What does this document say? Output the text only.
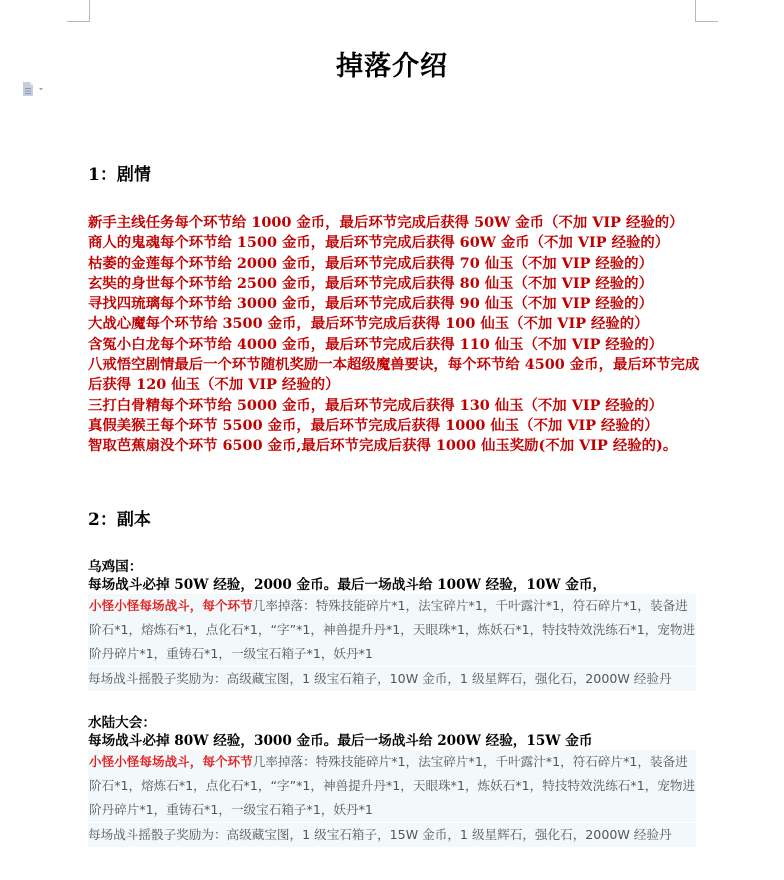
掉落介绍
1：剧情
新手主线任务每个环节给 1000 金币，最后环节完成后获得 50W 金币（不加 VIP 经验的）
商人的鬼魂每个环节给 1500 金币，最后环节完成后获得 60W 金币（不加 VIP 经验的）
枯萎的金莲每个环节给 2000 金币，最后环节完成后获得 70 仙玉（不加 VIP 经验的）
玄奘的身世每个环节给 2500 金币，最后环节完成后获得 80 仙玉（不加 VIP 经验的）
寻找四琉璃每个环节给 3000 金币，最后环节完成后获得 90 仙玉（不加 VIP 经验的）
大战心魔每个环节给 3500 金币，最后环节完成后获得 100 仙玉（不加 VIP 经验的）
含冤小白龙每个环节给 4000 金币，最后环节完成后获得 110 仙玉（不加 VIP 经验的）
八戒悟空剧情最后一个环节随机奖励一本超级魔兽要诀，每个环节给 4500 金币，最后环节完成后获得 120 仙玉（不加 VIP 经验的）
三打白骨精每个环节给 5000 金币，最后环节完成后获得 130 仙玉（不加 VIP 经验的）
真假美猴王每个环节 5500 金币，最后环节完成后获得 1000 仙玉（不加 VIP 经验的）
智取芭蕉扇没个环节 6500 金币,最后环节完成后获得 1000 仙玉奖励(不加 VIP 经验的)。
2：副本
乌鸡国：
每场战斗必掉 50W 经验，2000 金币。最后一场战斗给 100W 经验，10W 金币，
小怪小怪每场战斗，每个环节几率掉落：特殊技能碎片*1，法宝碎片*1，千叶露汁*1，符石碎片*1，装备进阶石*1，熔炼石*1，点化石*1，“字”*1，神兽提升丹*1，天眼珠*1，炼妖石*1，特技特效洗练石*1，宠物进阶丹碎片*1，重铸石*1，一级宝石箱子*1，妖丹*1
每场战斗摇骰子奖励为：高级藏宝图，1 级宝石箱子，10W 金币，1 级星辉石，强化石，2000W 经验丹
水陆大会：
每场战斗必掉 80W 经验，3000 金币。最后一场战斗给 200W 经验，15W 金币
小怪小怪每场战斗，每个环节几率掉落：特殊技能碎片*1，法宝碎片*1，千叶露汁*1，符石碎片*1，装备进阶石*1，熔炼石*1，点化石*1，“字”*1，神兽提升丹*1，天眼珠*1，炼妖石*1，特技特效洗练石*1，宠物进阶丹碎片*1，重铸石*1，一级宝石箱子*1，妖丹*1
每场战斗摇骰子奖励为：高级藏宝图，1 级宝石箱子，15W 金币，1 级星辉石，强化石，2000W 经验丹
